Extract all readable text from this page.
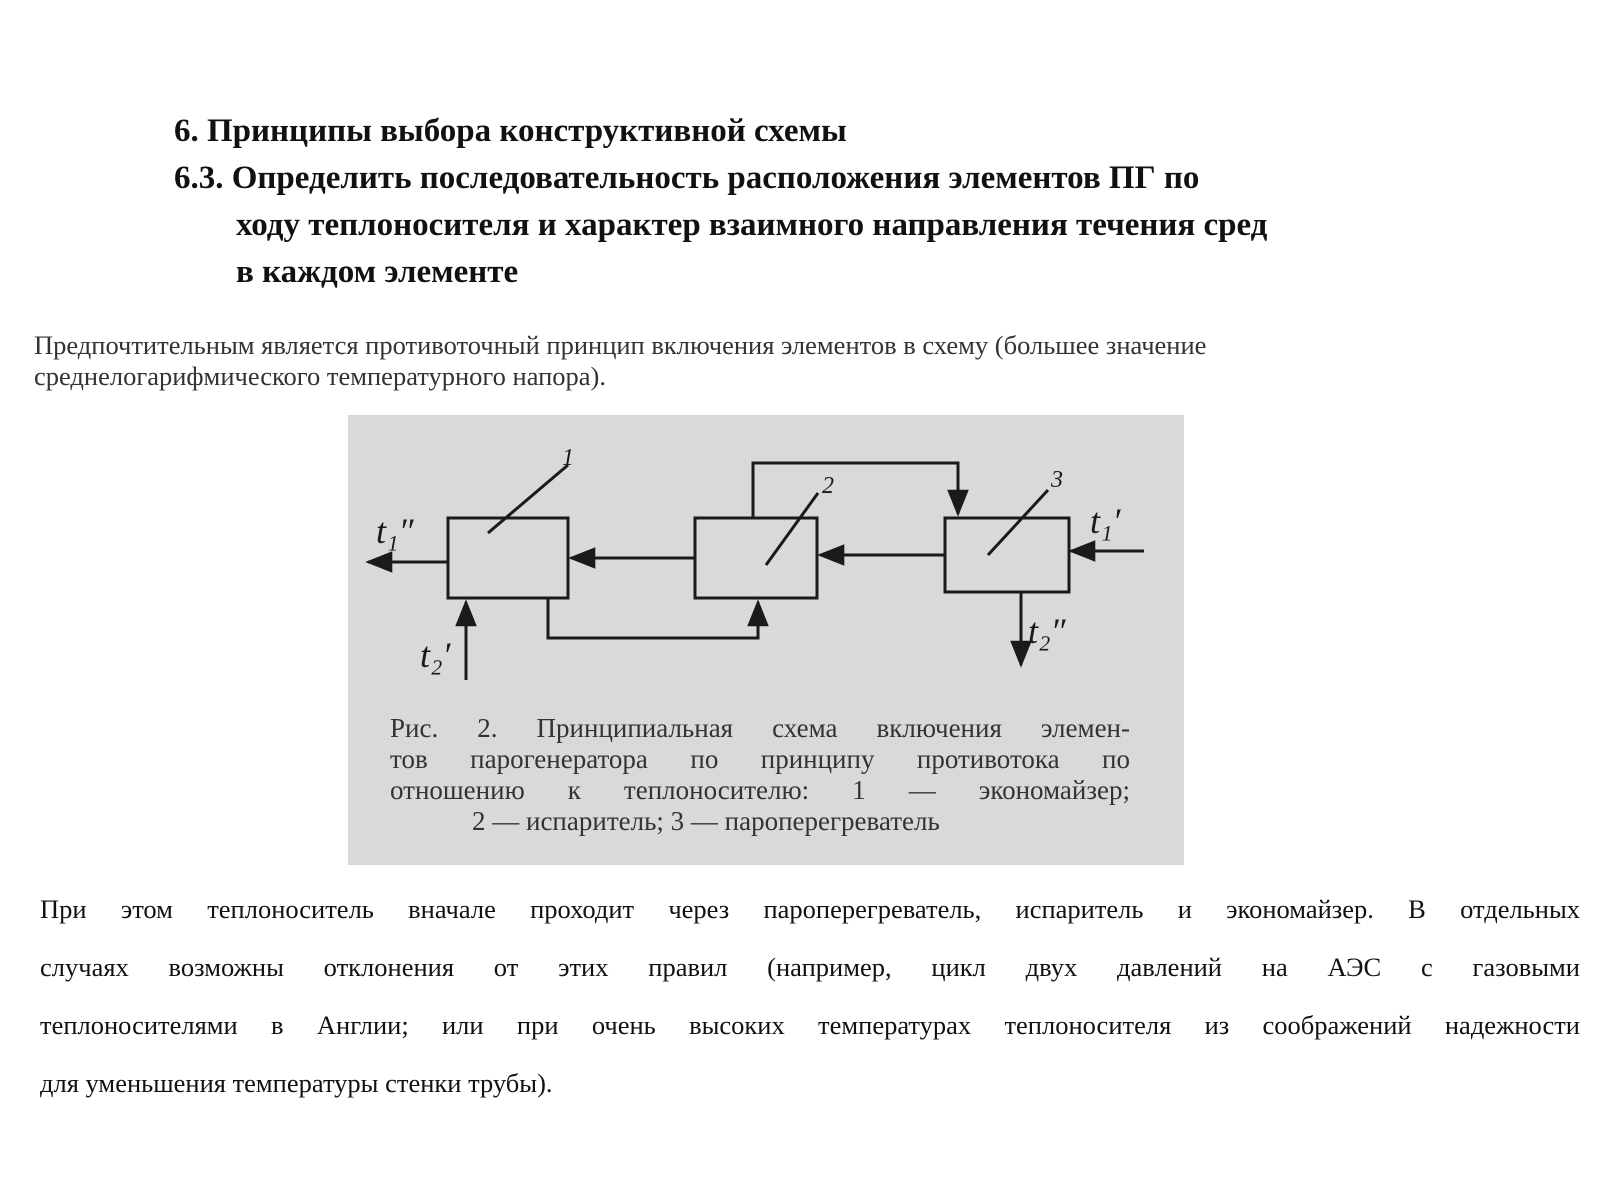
6. Принципы выбора конструктивной схемы
6.3. Определить последовательность расположения элементов ПГ по
ходу теплоносителя и характер взаимного направления течения сред
в каждом элементе
Предпочтительным является противоточный принцип включения элементов в схему (большее значение
среднелогарифмического температурного напора).
1
2	3
t₁″	t₁′
t₂′
t₂″
Рис. 2. Принципиальная схема включения элемен-
тов парогенератора по принципу противотока по
отношению к теплоносителю: 1 — экономайзер;
2 — испаритель; 3 — пароперегреватель
При этом теплоноситель вначале проходит через пароперегреватель, испаритель и экономайзер. В отдельных
случаях возможны отклонения от этих правил (например, цикл двух давлений на АЭС с газовыми
теплоносителями в Англии; или при очень высоких температурах теплоносителя из соображений надежности
для уменьшения температуры стенки трубы).
